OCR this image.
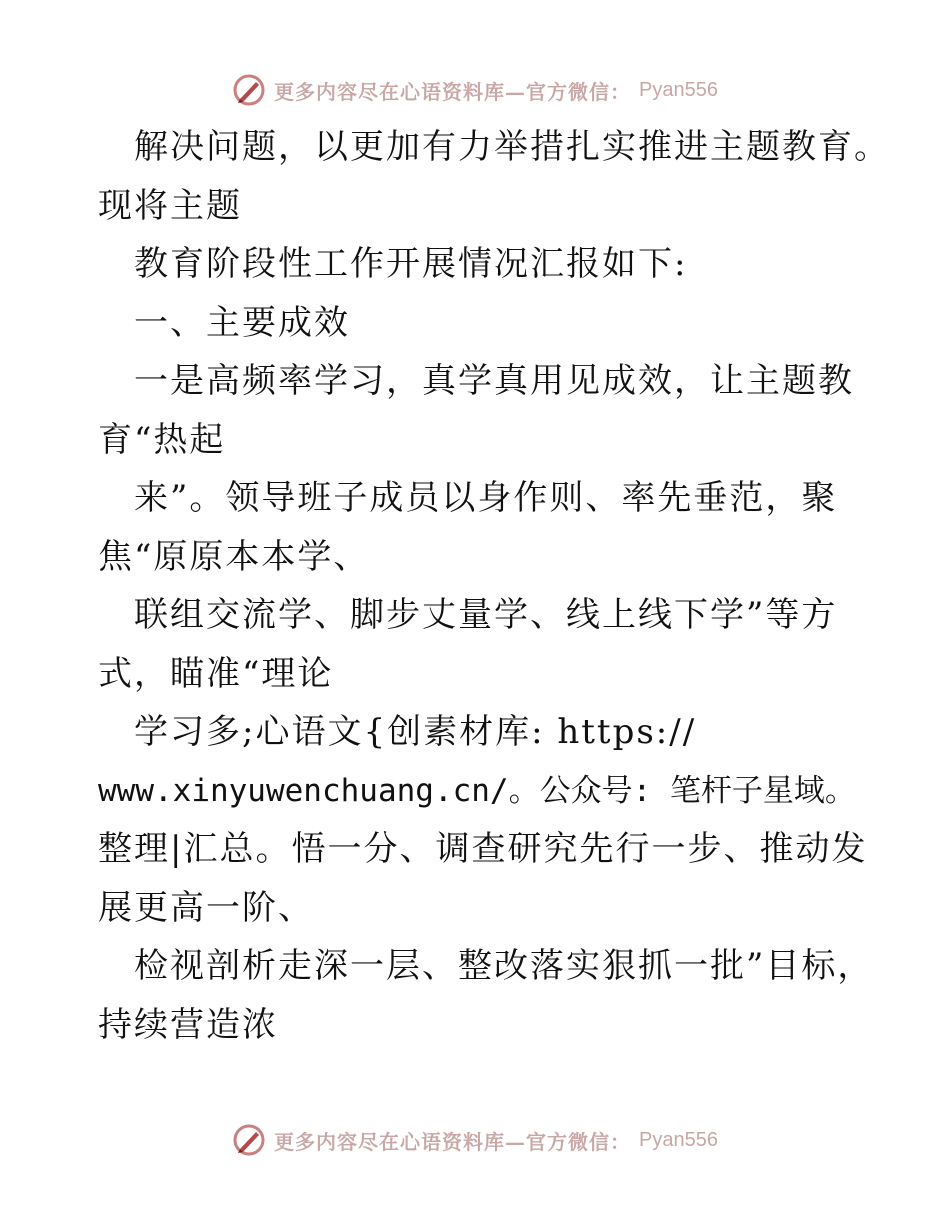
更多内容尽在心语资料库—官方微信： Pyan556
解决问题，以更加有力举措扎实推进主题教育。
现将主题
教育阶段性工作开展情况汇报如下:
一、主要成效
一是高频率学习，真学真用见成效，让主题教
育“热起
来”。领导班子成员以身作则、率先垂范，聚
焦“原原本本学、
联组交流学、脚步丈量学、线上线下学”等方
式，瞄准“理论
学习多;心语文{创素材库: https://
www.xinyuwenchuang.cn/。公众号: 笔杆子星域。
整理|汇总。悟一分、调查研究先行一步、推动发
展更高一阶、
检视剖析走深一层、整改落实狠抓一批”目标，
持续营造浓
更多内容尽在心语资料库—官方微信： Pyan556
